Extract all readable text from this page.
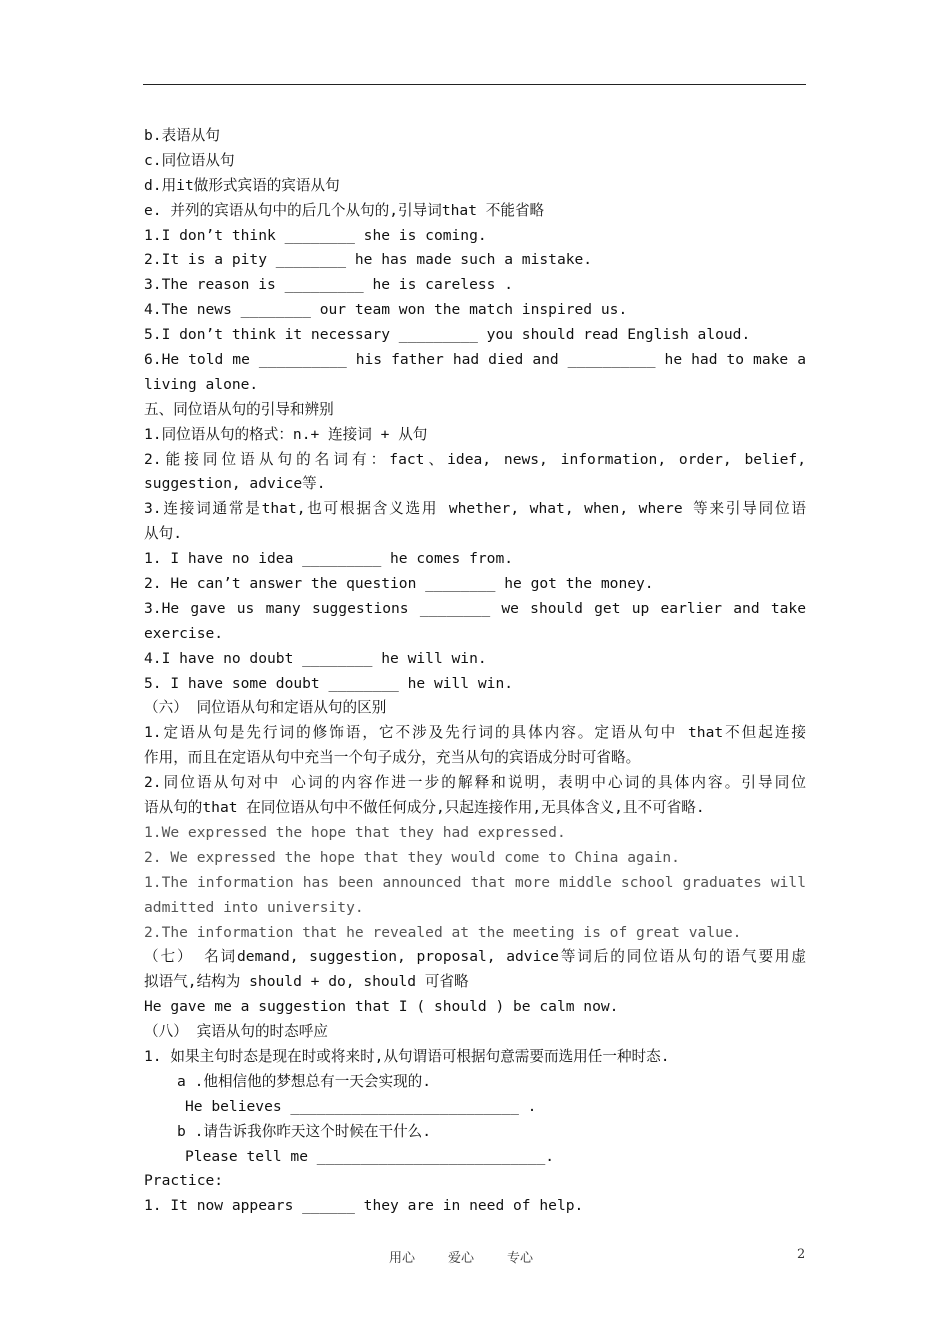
b.表语从句
c.同位语从句
d.用it做形式宾语的宾语从句
e. 并列的宾语从句中的后几个从句的,引导词that 不能省略
1.I don’t think ________ she is coming.
2.It is a pity ________ he has made such a mistake.
3.The reason is _________ he is careless .
4.The news ________ our team won the match inspired us.
5.I don’t think it necessary _________ you should read English aloud.
6.He told me __________ his father had died and __________ he had to make a
living alone.
五、同位语从句的引导和辨别
1.同位语从句的格式：n.+ 连接词 + 从句
2.能接同位语从句的名词有：fact、idea, news, information, order, belief,
suggestion, advice等.
3.连接词通常是that,也可根据含义选用 whether, what, when, where 等来引导同位语
从句.
1. I have no idea _________ he comes from.
2. He can’t answer the question ________ he got the money.
3.He gave us many suggestions ________ we should get up earlier and take
exercise.
4.I have no doubt ________ he will win.
5. I have some doubt ________ he will win.
（六） 同位语从句和定语从句的区别
1.定语从句是先行词的修饰语，它不涉及先行词的具体内容。定语从句中 that不但起连接
作用，而且在定语从句中充当一个句子成分，充当从句的宾语成分时可省略。
2.同位语从句对中 心词的内容作进一步的解释和说明，表明中心词的具体内容。引导同位
语从句的that 在同位语从句中不做任何成分,只起连接作用,无具体含义,且不可省略.
1.We expressed the hope that they had expressed.
2. We expressed the hope that they would come to China again.
1.The information has been announced that more middle school graduates will
admitted into university.
2.The information that he revealed at the meeting is of great value.
（七） 名词demand, suggestion, proposal, advice等词后的同位语从句的语气要用虚
拟语气,结构为 should + do, should 可省略
He gave me a suggestion that I ( should ) be calm now.
（八） 宾语从句的时态呼应
1. 如果主句时态是现在时或将来时,从句谓语可根据句意需要而选用任一种时态.
a .他相信他的梦想总有一天会实现的.
He believes __________________________ .
b .请告诉我你昨天这个时候在干什么.
Please tell me __________________________.
Practice:
1. It now appears ______ they are in need of help.
用心	爱心	专心	2
